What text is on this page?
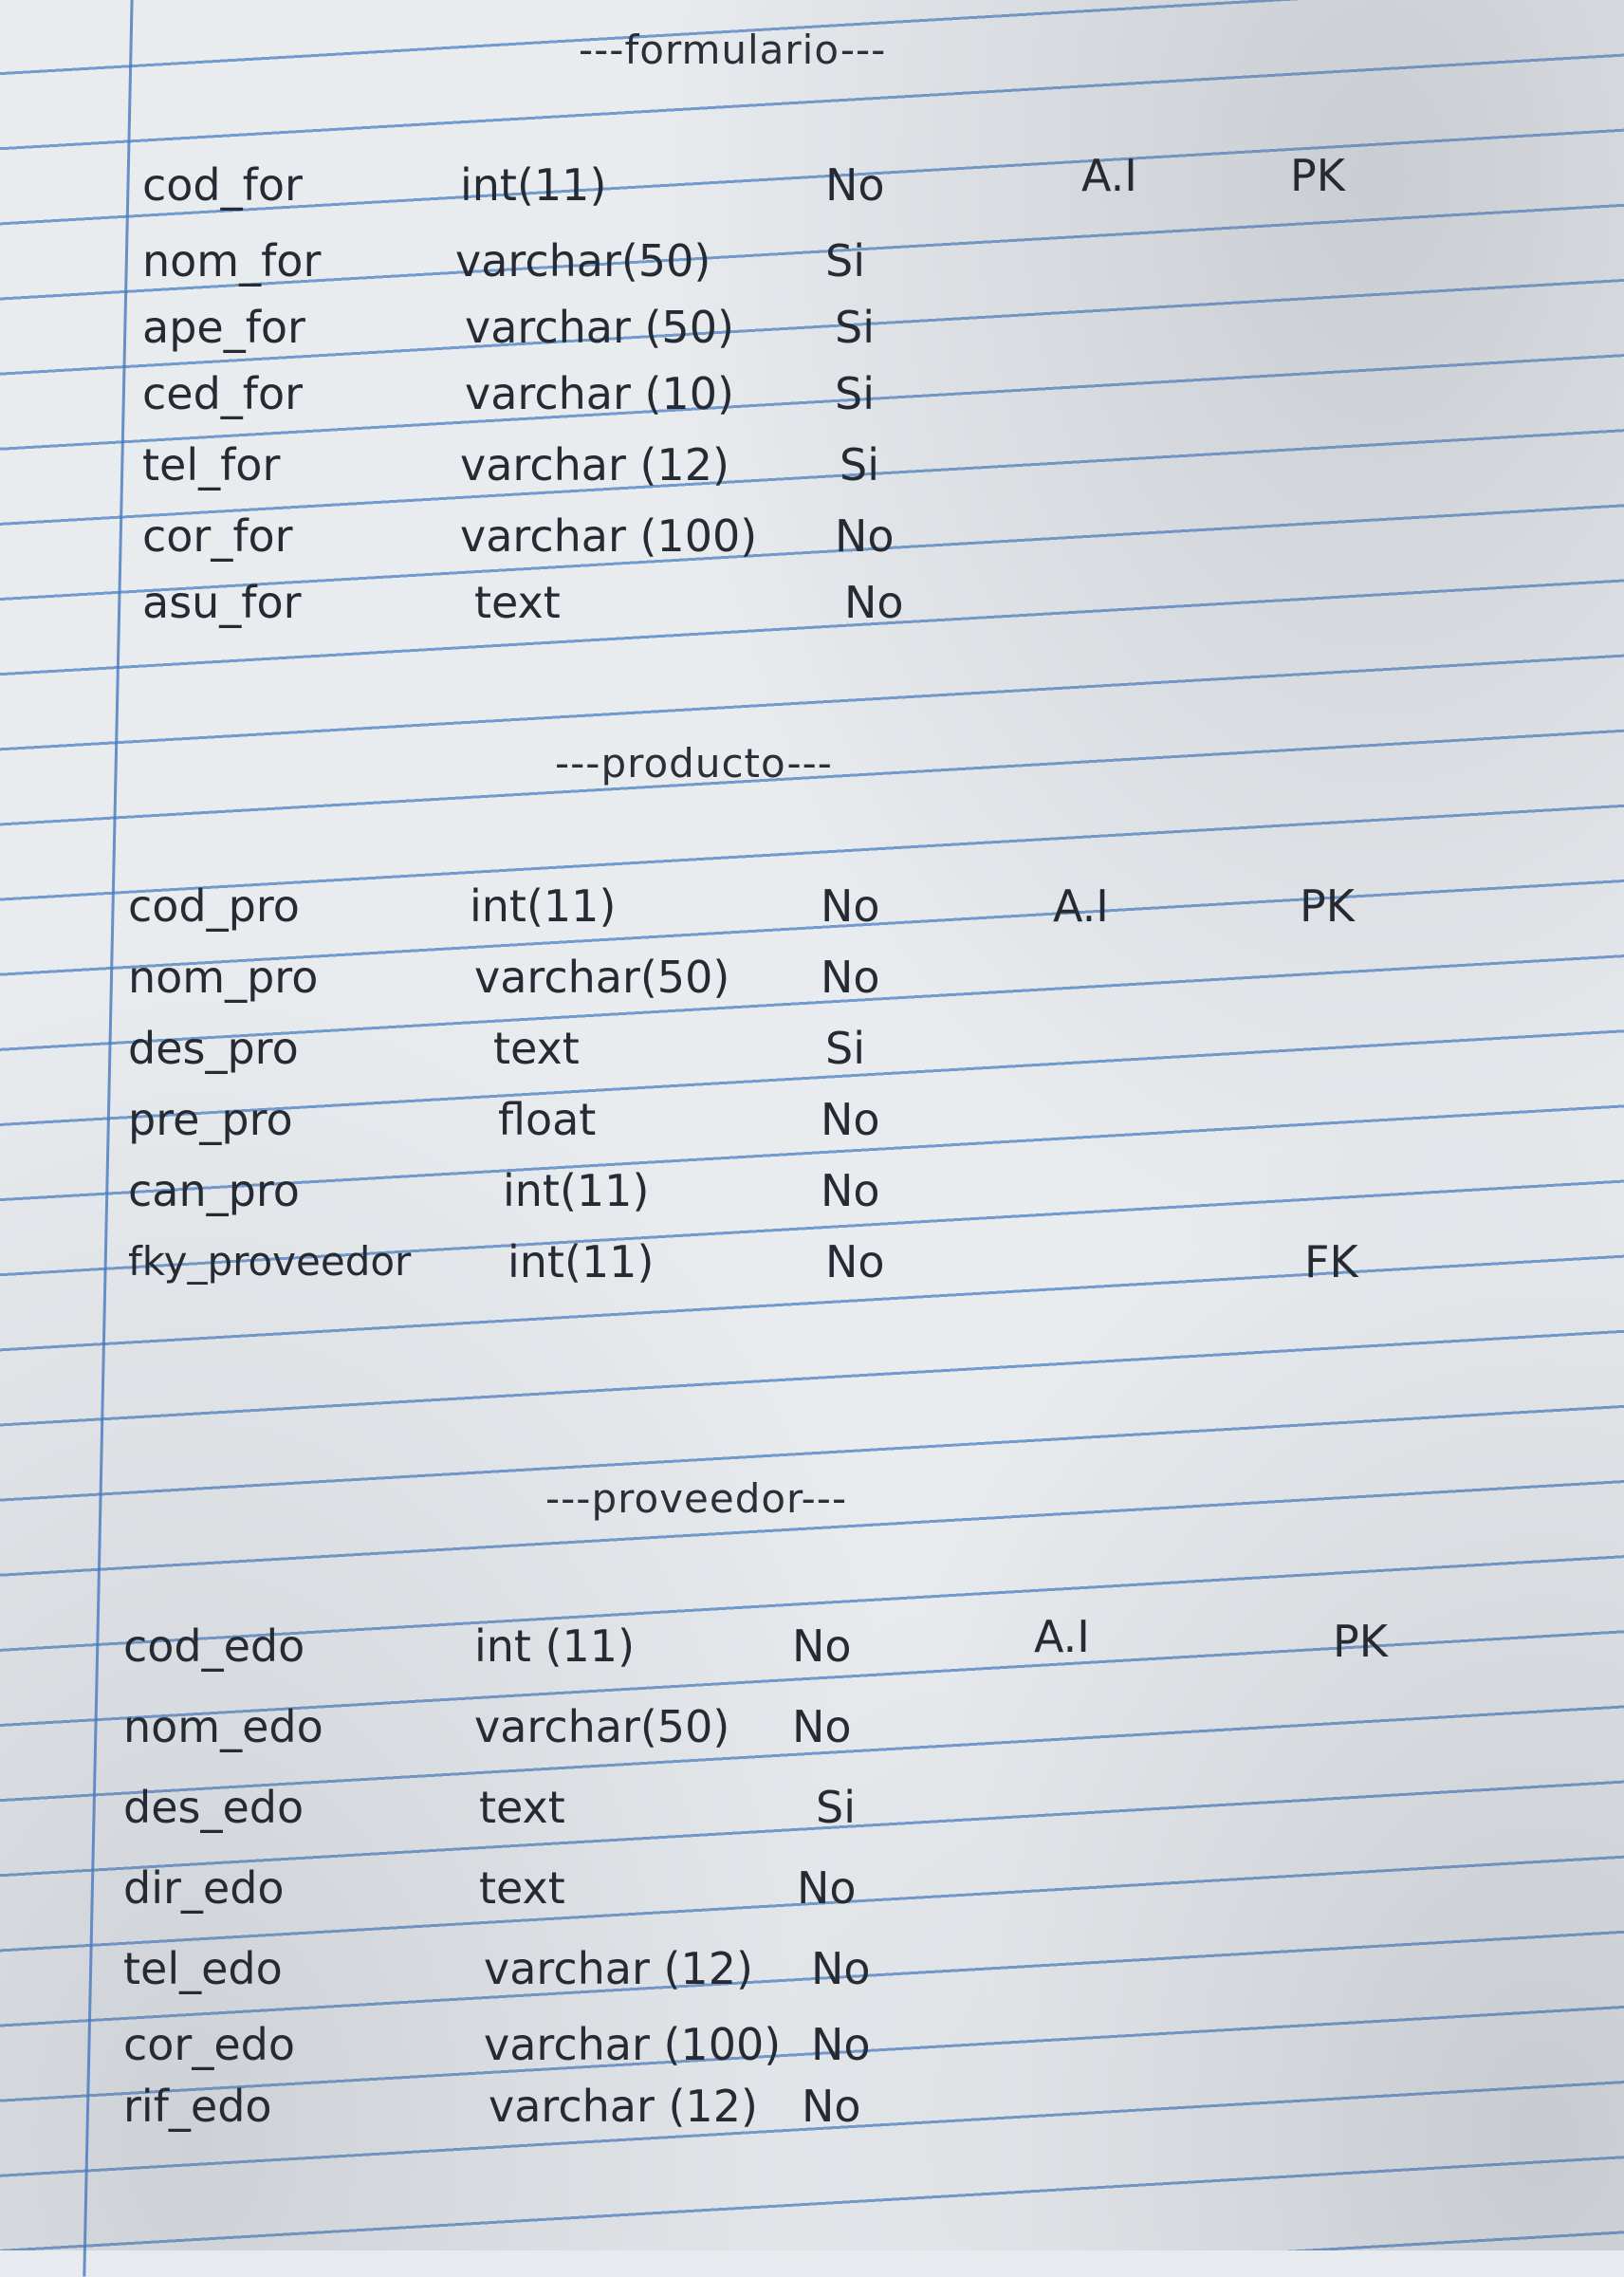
---formulario---
cod_for	int(11)	No	A.I	PK
nom_for	varchar(50)	Si
ape_for	varchar (50) Si
ced_for	varchar (10) Si
tel_for	varchar (12)	Si
cor_for	varchar (100) No
asu_for	text	No
---producto---
cod_pro	int(11)	No	A.I	PK
nom_pro	varchar(50) No
des_pro	text	Si
pre_pro	float	No
can_pro	int(11)	No
fky_proveedor int(11)	No	FK
---proveedor---
cod_edo	int (11)	No	A.I	PK
nom_edo	varchar(50) No
des_edo	text	Si
dir_edo	text	No
tel_edo	varchar (12) No
cor_edo	varchar (100) No
rif_edo	varchar (12) No
